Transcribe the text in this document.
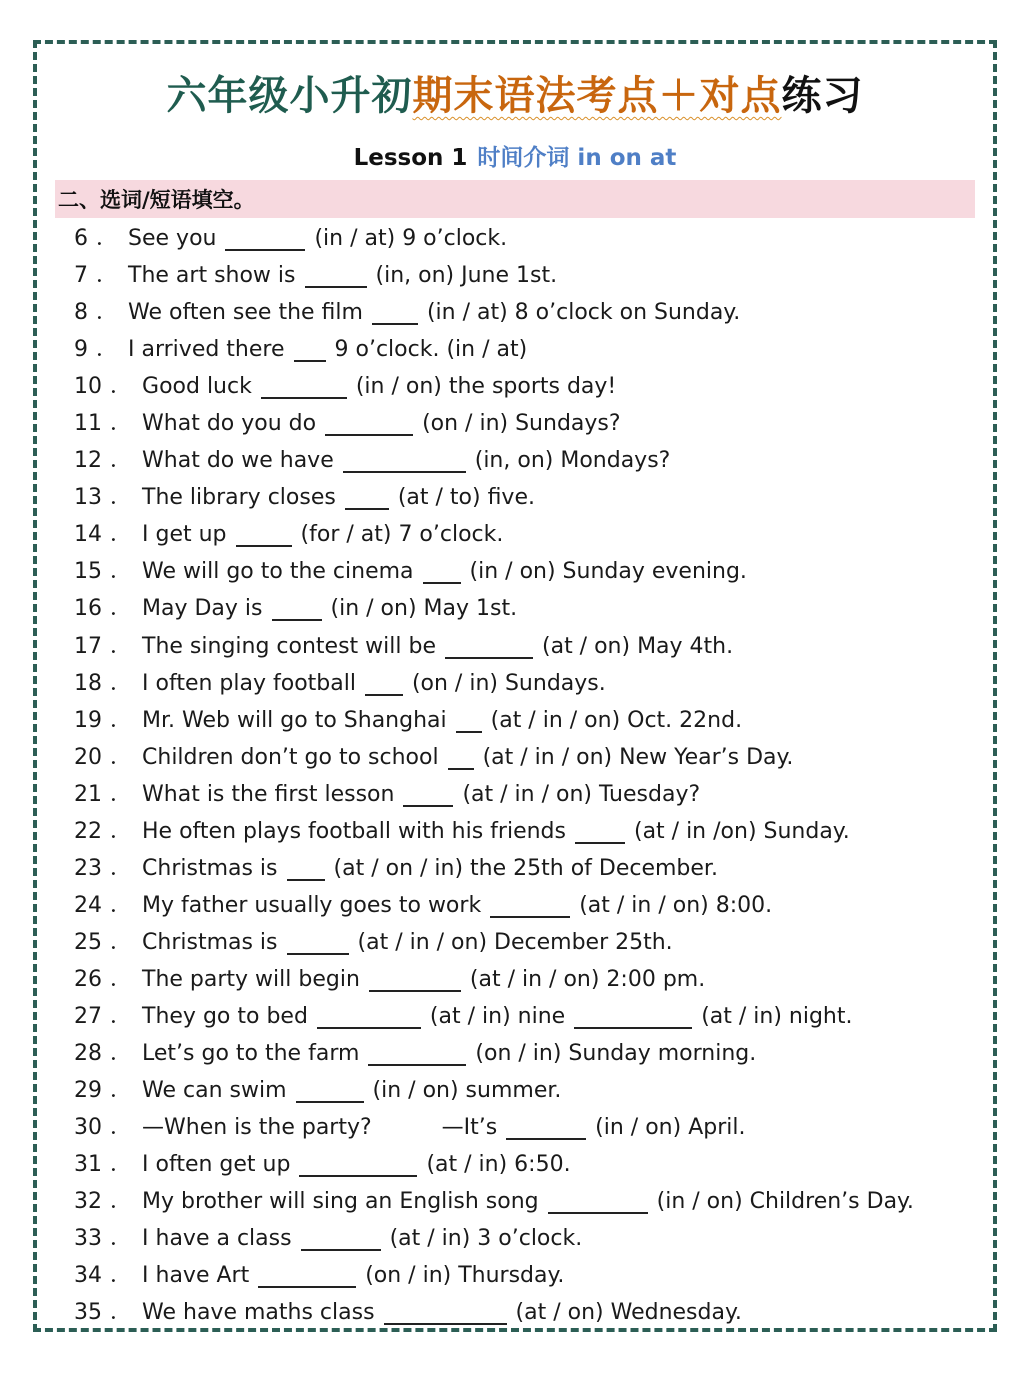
六年级小升初期末语法考点＋对点练习
Lesson 1 时间介词 in on at
二、选词/短语填空。
6 ． See you	(in / at) 9 o’clock.
7 ． The art show is	(in, on) June 1st.
8 ． We often see the film	(in / at) 8 o’clock on Sunday.
9 ． I arrived there 9 o’clock. (in / at)
10 ． Good luck	(in / on) the sports day!
11 ． What do you do	(on / in) Sundays?
12 ． What do we have	(in, on) Mondays?
13 ． The library closes	(at / to) five.
14 ． I get up	(for / at) 7 o’clock.
15 ． We will go to the cinema	(in / on) Sunday evening.
16 ． May Day is	(in / on) May 1st.
17 ． The singing contest will be	(at / on) May 4th.
18 ． I often play football	(on / in) Sundays.
19 ． Mr. Web will go to Shanghai (at / in / on) Oct. 22nd.
20 ． Children don’t go to school (at / in / on) New Year’s Day.
21 ． What is the first lesson	(at / in / on) Tuesday?
22 ． He often plays football with his friends	(at / in /on) Sunday.
23 ． Christmas is	(at / on / in) the 25th of December.
24 ． My father usually goes to work	(at / in / on) 8:00.
25 ． Christmas is	(at / in / on) December 25th.
26 ． The party will begin	(at / in / on) 2:00 pm.
27 ． They go to bed	(at / in) nine	(at / in) night.
28 ． Let’s go to the farm	(on / in) Sunday morning.
29 ． We can swim	(in / on) summer.
30 ． —When is the party?          —It’s	(in / on) April.
31 ． I often get up	(at / in) 6:50.
32 ． My brother will sing an English song	(in / on) Children’s Day.
33 ． I have a class	(at / in) 3 o’clock.
34 ． I have Art	(on / in) Thursday.
35 ． We have maths class	(at / on) Wednesday.
